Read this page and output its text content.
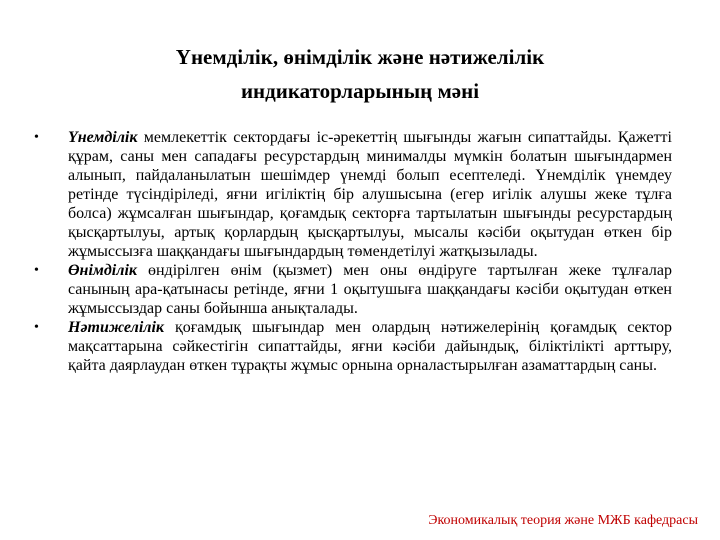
Үнемділік, өнімділік және нәтижелілік
индикаторларының мәні
•	Үнемділік мемлекеттік сектордағы іс-әрекеттің шығынды жағын сипаттайды. Қажетті құрам, саны мен сападағы ресурстардың минималды мүмкін болатын шығындармен алынып, пайдаланылатын шешімдер үнемді болып есептеледі. Үнемділік үнемдеу ретінде түсіндіріледі, яғни игіліктің бір алушысына (егер игілік алушы жеке тұлға болса) жұмсалған шығындар, қоғамдық секторға тартылатын шығынды ресурстардың қысқартылуы, артық қорлардың қысқартылуы, мысалы кәсіби оқытудан өткен бір жұмыссызға шаққандағы шығындардың төмендетілуі жатқызылады.
•	Өнімділік өндірілген өнім (қызмет) мен оны өндіруге тартылған жеке тұлғалар санының ара-қатынасы ретінде, яғни 1 оқытушыға шаққандағы кәсіби оқытудан өткен жұмыссыздар саны бойынша анықталады.
•	Нәтижелілік қоғамдық шығындар мен олардың нәтижелерінің қоғамдық сектор мақсаттарына сәйкестігін сипаттайды, яғни кәсіби дайындық, біліктілікті арттыру, қайта даярлаудан өткен тұрақты жұмыс орнына орналастырылған азаматтардың саны.
Экономикалық теория және МЖБ кафедрасы
